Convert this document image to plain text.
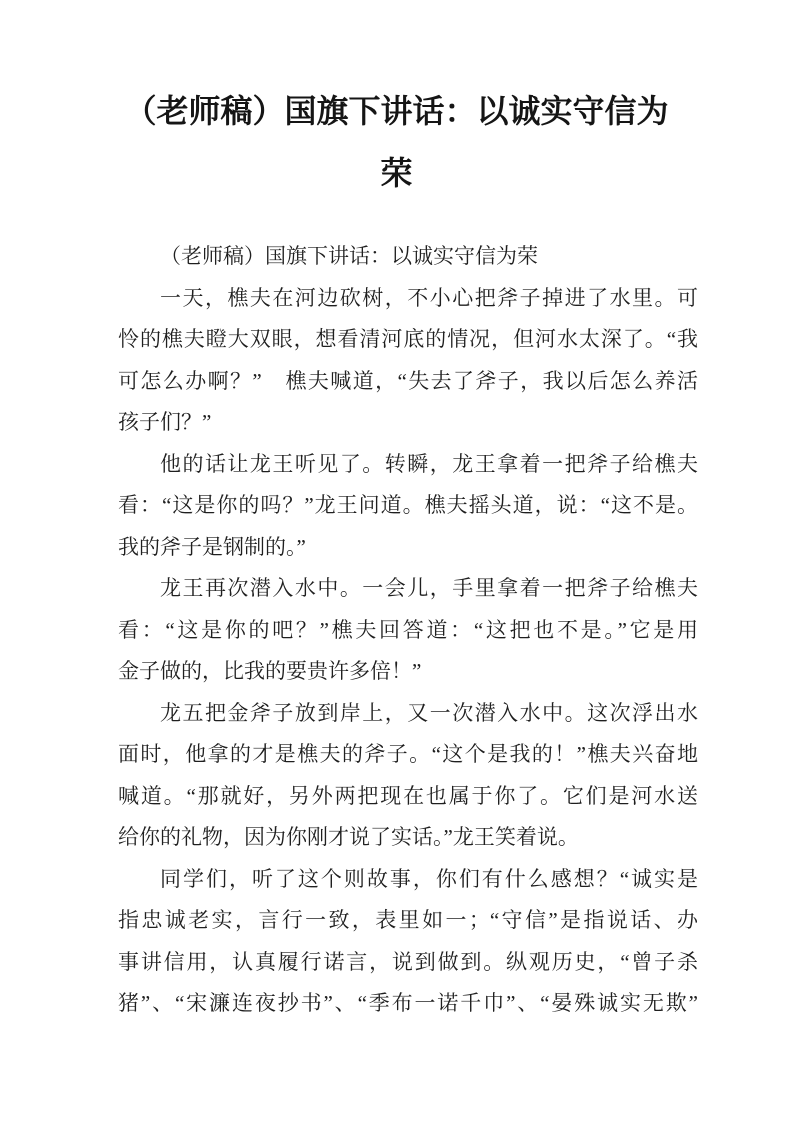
（老师稿）国旗下讲话：以诚实守信为
荣
（老师稿）国旗下讲话：以诚实守信为荣
一天，樵夫在河边砍树，不小心把斧子掉进了水里。可
怜的樵夫瞪大双眼，想看清河底的情况，但河水太深了。“我
可怎么办啊？”　樵夫喊道，“失去了斧子，我以后怎么养活
孩子们？”
他的话让龙王听见了。转瞬，龙王拿着一把斧子给樵夫
看：“这是你的吗？”龙王问道。樵夫摇头道，说：“这不是。
我的斧子是钢制的。”
龙王再次潜入水中。一会儿，手里拿着一把斧子给樵夫
看：“这是你的吧？”樵夫回答道：“这把也不是。”它是用
金子做的，比我的要贵许多倍！”
龙五把金斧子放到岸上，又一次潜入水中。这次浮出水
面时，他拿的才是樵夫的斧子。“这个是我的！”樵夫兴奋地
喊道。“那就好，另外两把现在也属于你了。它们是河水送
给你的礼物，因为你刚才说了实话。”龙王笑着说。
同学们，听了这个则故事，你们有什么感想？“诚实是
指忠诚老实，言行一致，表里如一；“守信”是指说话、办
事讲信用，认真履行诺言，说到做到。纵观历史，“曾子杀
猪”、“宋濂连夜抄书”、“季布一诺千巾”、“晏殊诚实无欺”
